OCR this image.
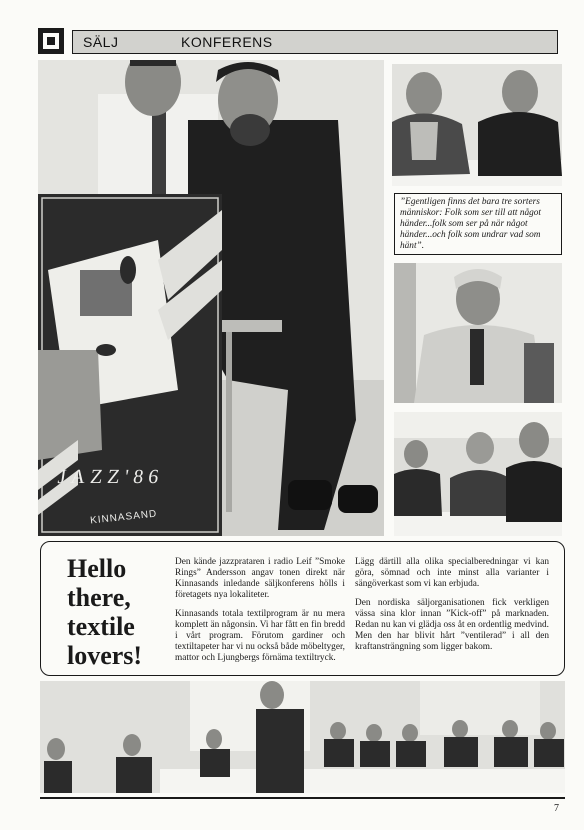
SÄLJ	KONFERENS
JAZZ'86
KINNASAND
”Egentligen finns det bara tre sorters människor: Folk som ser till att något händer...folk som ser på när något händer...och folk som undrar vad som hänt”.
Hello there, textile lovers!

Den kände jazzprataren i radio Leif ”Smoke Rings” Andersson angav tonen direkt när Kinnasands inledande säljkonferens hölls i företagets nya lokaliteter.

Kinnasands totala textilprogram är nu mera komplett än någonsin. Vi har fått en fin bredd i vårt program. Förutom gardiner och textiltapeter har vi nu också både möbeltyger, mattor och Ljungbergs förnäma textiltryck.

Lägg därtill alla olika specialberedningar vi kan göra, sömnad och inte minst alla varianter i sängöverkast som vi kan erbjuda.

Den nordiska säljorganisationen fick verkligen vässa sina klor innan ”Kick-off” på marknaden. Redan nu kan vi glädja oss åt en ordentlig medvind. Men den har blivit hårt ”ventilerad” i all den kraftansträngning som ligger bakom.

7
